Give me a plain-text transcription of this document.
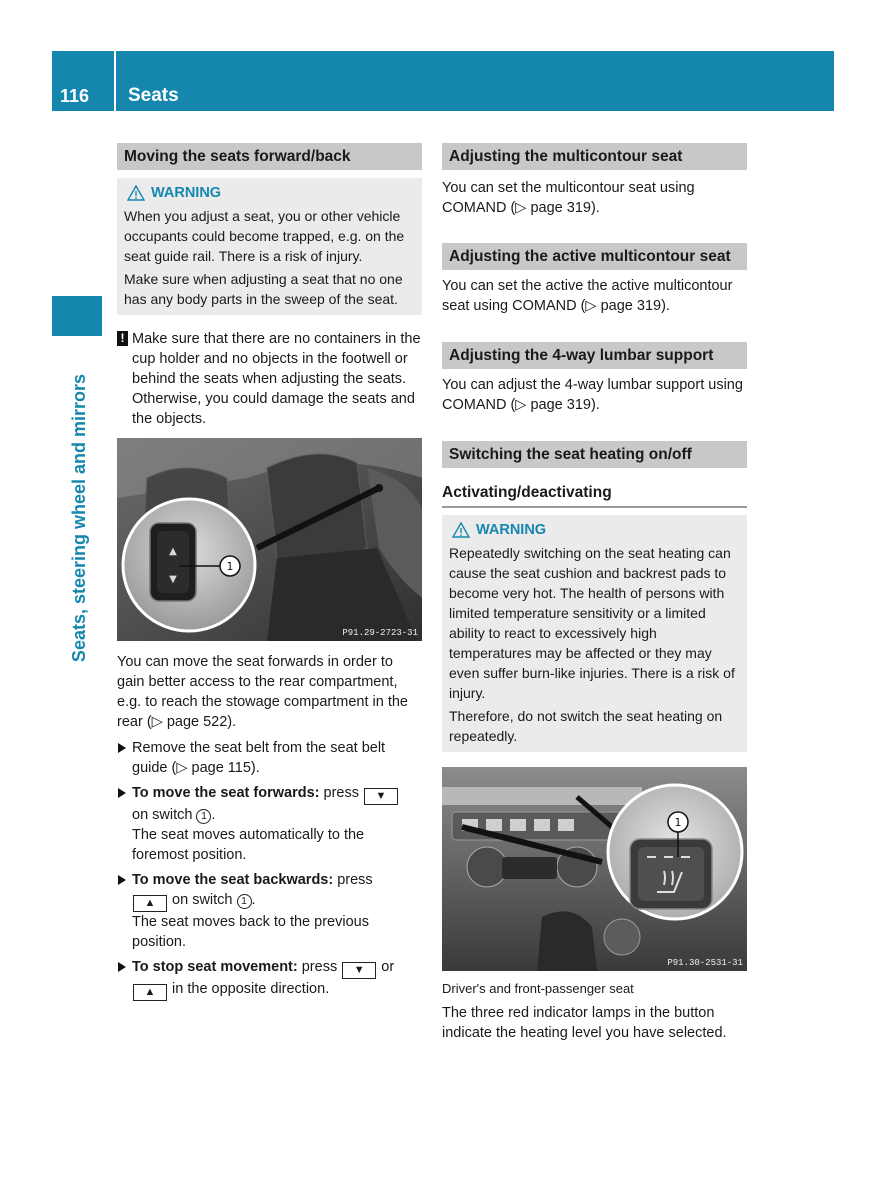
116 Seats
Seats, steering wheel and mirrors
Moving the seats forward/back
WARNING

When you adjust a seat, you or other vehicle occupants could become trapped, e.g. on the seat guide rail. There is a risk of injury.

Make sure when adjusting a seat that no one has any body parts in the sweep of the seat.

! Make sure that there are no containers in the cup holder and no objects in the footwell or behind the seats when adjusting the seats. Otherwise, you could damage the seats and the objects.
▲
▼
1
P91.29-2723-31

You can move the seat forwards in order to gain better access to the rear compartment, e.g. to reach the stowage compartment in the rear (▷ page 522).

Remove the seat belt from the seat belt guide (▷ page 115).
To move the seat forwards: press ▼
on switch 1 .
The seat moves automatically to the foremost position.
To move the seat backwards: press
▲ on switch 1 .
The seat moves back to the previous position.
To stop seat movement: press ▼ or
▲ in the opposite direction.
Adjusting the multicontour seat

You can set the multicontour seat using COMAND (▷ page 319).

Adjusting the active multicontour seat

You can set the active the active multicontour seat using COMAND (▷ page 319).

Adjusting the 4-way lumbar support

You can adjust the 4-way lumbar support using COMAND (▷ page 319).

Switching the seat heating on/off
Activating/deactivating
WARNING

Repeatedly switching on the seat heating can cause the seat cushion and backrest pads to become very hot. The health of persons with limited temperature sensitivity or a limited ability to react to excessively high temperatures may be affected or they may even suffer burn-like injuries. There is a risk of injury.

Therefore, do not switch the seat heating on repeatedly.

1
P91.30-2531-31

Driver's and front-passenger seat

The three red indicator lamps in the button indicate the heating level you have selected.
